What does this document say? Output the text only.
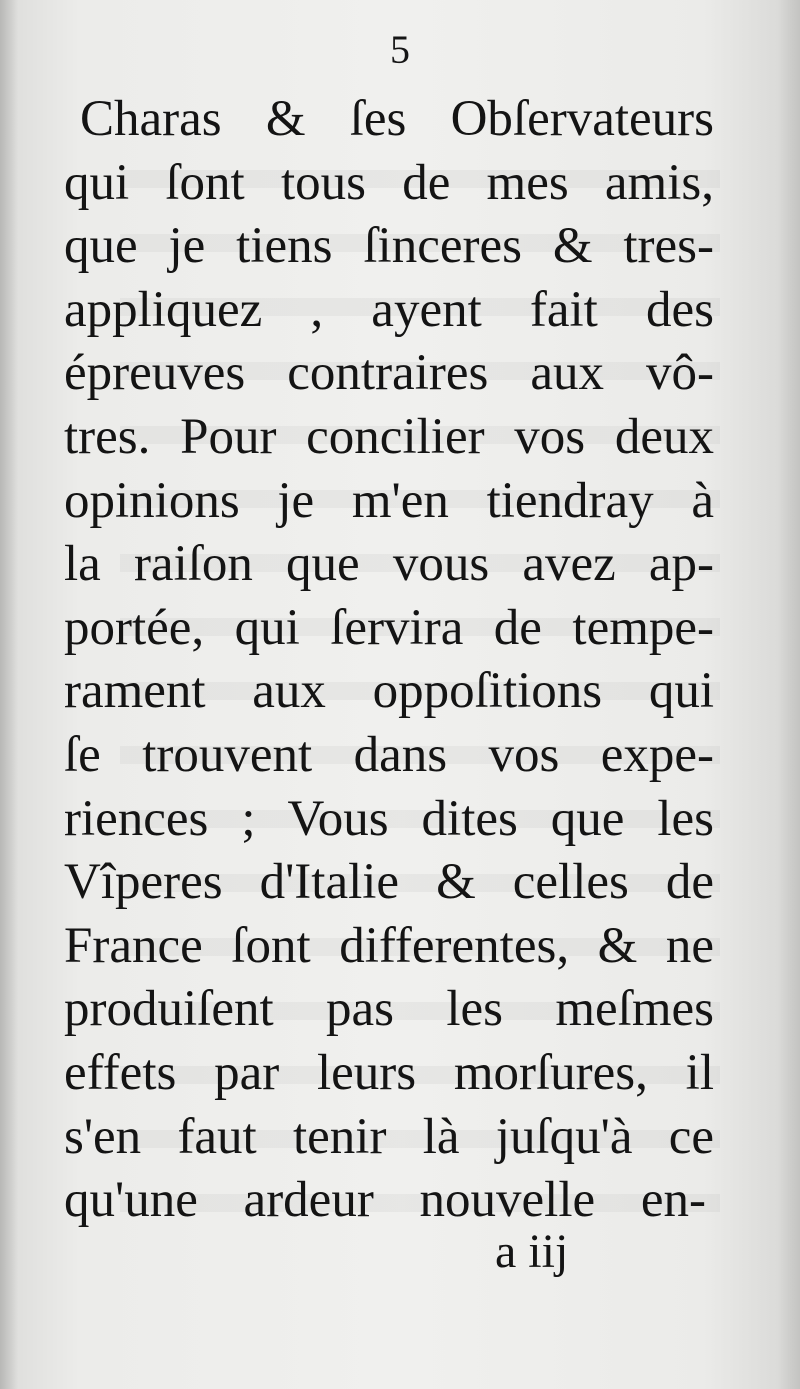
5
Charas & ſes Obſervateurs
qui ſont tous de mes amis,
que je tiens ſinceres & tres-
appliquez , ayent fait des
épreuves contraires aux vô-
tres. Pour concilier vos deux
opinions je m'en tiendray à
la raiſon que vous avez ap-
portée, qui ſervira de tempe-
rament aux oppoſitions qui
ſe trouvent dans vos expe-
riences ; Vous dites que les
Vîperes d'Italie & celles de
France ſont differentes, & ne
produiſent pas les meſmes
effets par leurs morſures, il
s'en faut tenir là juſqu'à ce
qu'une ardeur nouvelle en-
a iij
